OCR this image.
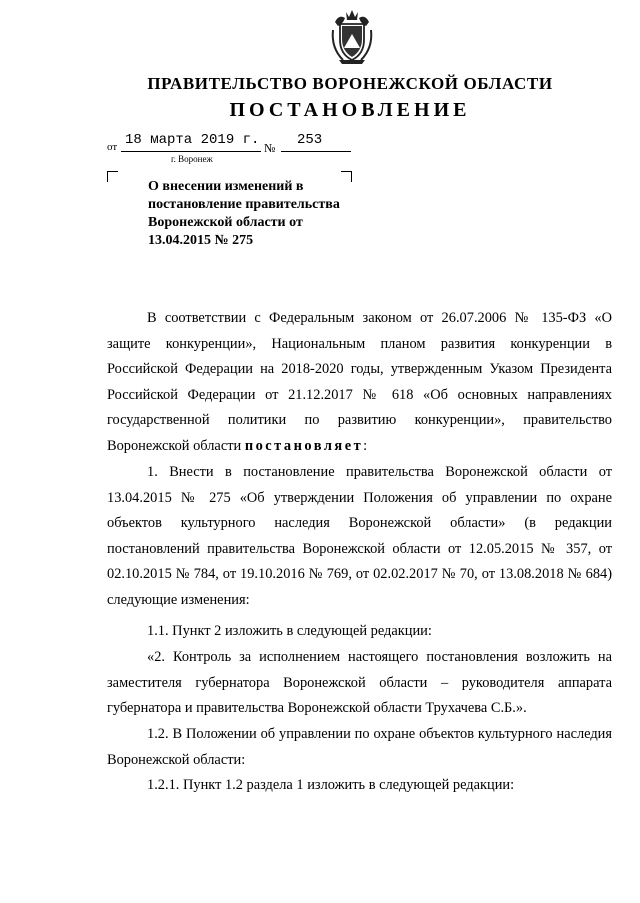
ПРАВИТЕЛЬСТВО ВОРОНЕЖСКОЙ ОБЛАСТИ
ПОСТАНОВЛЕНИЕ
от 18 марта 2019 г. № 253
г. Воронеж
О внесении изменений в постановление правительства Воронежской области от 13.04.2015 № 275

В соответствии с Федеральным законом от 26.07.2006 № 135-ФЗ «О защите конкуренции», Национальным планом развития конкуренции в Российской Федерации на 2018-2020 годы, утвержденным Указом Президента Российской Федерации от 21.12.2017 № 618 «Об основных направлениях государственной политики по развитию конкуренции», правительство Воронежской области постановляет:

1. Внести в постановление правительства Воронежской области от 13.04.2015 № 275 «Об утверждении Положения об управлении по охране объектов культурного наследия Воронежской области» (в редакции постановлений правительства Воронежской области от 12.05.2015 № 357, от 02.10.2015 № 784, от 19.10.2016 № 769, от 02.02.2017 № 70, от 13.08.2018 № 684) следующие изменения:

1.1. Пункт 2 изложить в следующей редакции:

«2. Контроль за исполнением настоящего постановления возложить на заместителя губернатора Воронежской области – руководителя аппарата губернатора и правительства Воронежской области Трухачева С.Б.».

1.2. В Положении об управлении по охране объектов культурного наследия Воронежской области:

1.2.1. Пункт 1.2 раздела 1 изложить в следующей редакции:
